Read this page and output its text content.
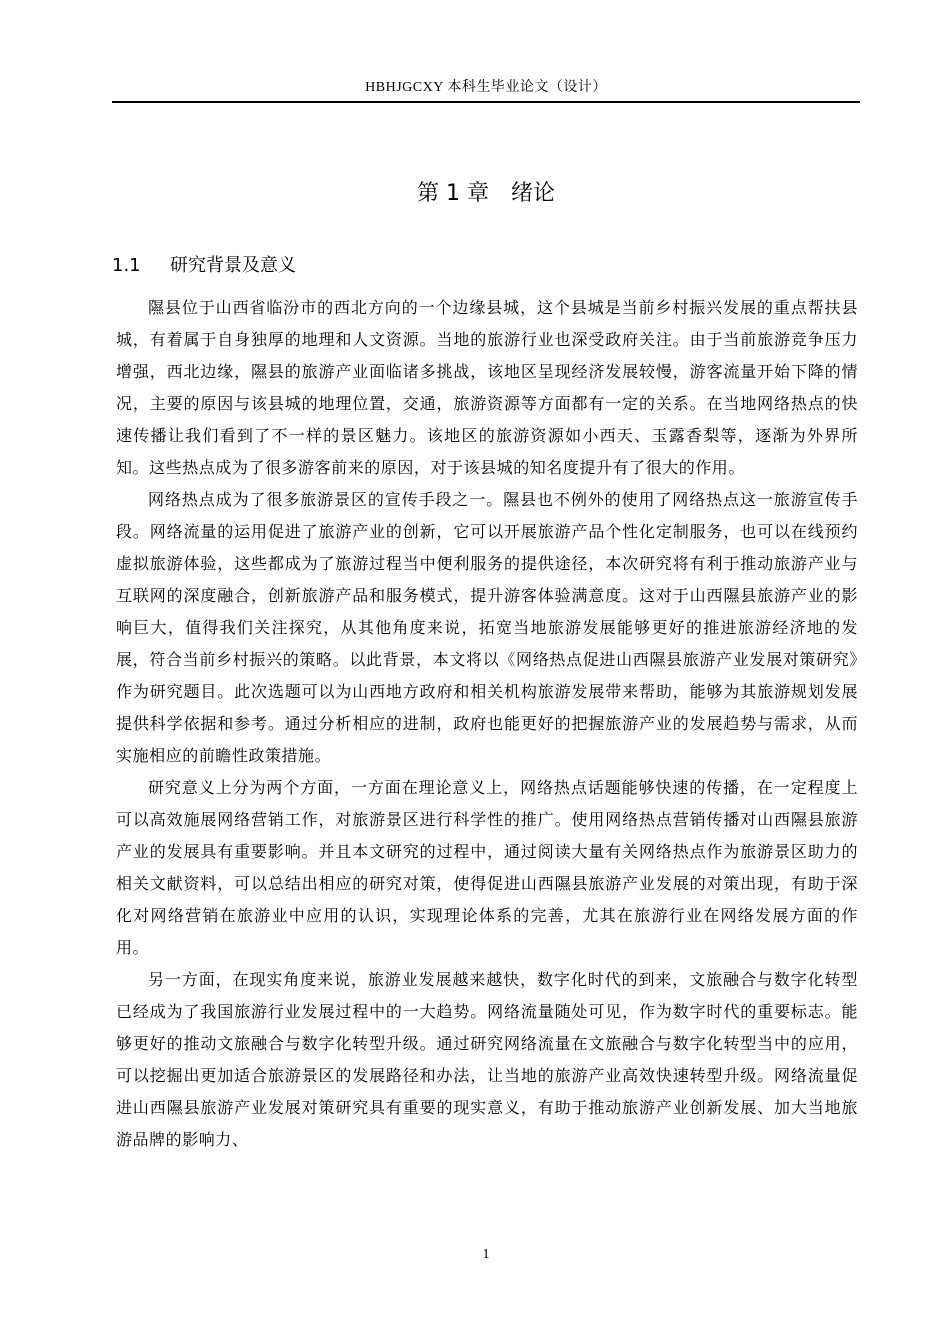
HBHJGCXY 本科生毕业论文（设计）
第 1 章 绪论
1.1 研究背景及意义

隰县位于山西省临汾市的西北方向的一个边缘县城，这个县城是当前乡村振兴发展的重点帮扶县城，有着属于自身独厚的地理和人文资源。当地的旅游行业也深受政府关注。由于当前旅游竞争压力增强，西北边缘，隰县的旅游产业面临诸多挑战，该地区呈现经济发展较慢，游客流量开始下降的情况，主要的原因与该县城的地理位置，交通，旅游资源等方面都有一定的关系。在当地网络热点的快速传播让我们看到了不一样的景区魅力。该地区的旅游资源如小西天、玉露香梨等，逐渐为外界所知。这些热点成为了很多游客前来的原因，对于该县城的知名度提升有了很大的作用。

网络热点成为了很多旅游景区的宣传手段之一。隰县也不例外的使用了网络热点这一旅游宣传手段。网络流量的运用促进了旅游产业的创新，它可以开展旅游产品个性化定制服务，也可以在线预约虚拟旅游体验，这些都成为了旅游过程当中便利服务的提供途径，本次研究将有利于推动旅游产业与互联网的深度融合，创新旅游产品和服务模式，提升游客体验满意度。这对于山西隰县旅游产业的影响巨大，值得我们关注探究，从其他角度来说，拓宽当地旅游发展能够更好的推进旅游经济地的发展，符合当前乡村振兴的策略。以此背景，本文将以《网络热点促进山西隰县旅游产业发展对策研究》作为研究题目。此次选题可以为山西地方政府和相关机构旅游发展带来帮助，能够为其旅游规划发展提供科学依据和参考。通过分析相应的进制，政府也能更好的把握旅游产业的发展趋势与需求，从而实施相应的前瞻性政策措施。

研究意义上分为两个方面，一方面在理论意义上，网络热点话题能够快速的传播，在一定程度上可以高效施展网络营销工作，对旅游景区进行科学性的推广。使用网络热点营销传播对山西隰县旅游产业的发展具有重要影响。并且本文研究的过程中，通过阅读大量有关网络热点作为旅游景区助力的相关文献资料，可以总结出相应的研究对策，使得促进山西隰县旅游产业发展的对策出现，有助于深化对网络营销在旅游业中应用的认识，实现理论体系的完善，尤其在旅游行业在网络发展方面的作用。

另一方面，在现实角度来说，旅游业发展越来越快，数字化时代的到来，文旅融合与数字化转型已经成为了我国旅游行业发展过程中的一大趋势。网络流量随处可见，作为数字时代的重要标志。能够更好的推动文旅融合与数字化转型升级。通过研究网络流量在文旅融合与数字化转型当中的应用，可以挖掘出更加适合旅游景区的发展路径和办法，让当地的旅游产业高效快速转型升级。网络流量促进山西隰县旅游产业发展对策研究具有重要的现实意义，有助于推动旅游产业创新发展、加大当地旅游品牌的影响力、

1
